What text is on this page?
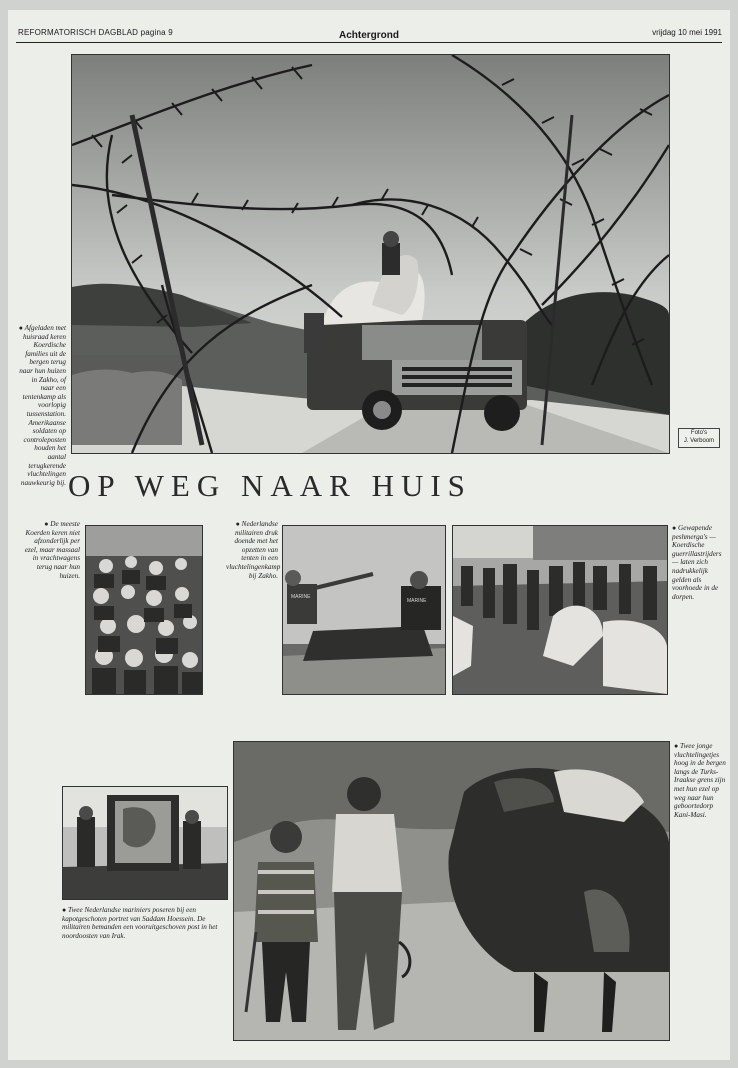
REFORMATORISCH DAGBLAD pagina 9	Achtergrond	vrijdag 10 mei 1991
● Afgeladen met huisraad keren Koerdische families uit de bergen terug naar hun huizen in Zakho, of naar een tentenkamp als voorlopig tussenstation. Amerikaanse soldaten op controleposten houden het aantal terugkerende vluchtelingen nauwkeurig bij.
Foto's
J. Verboom
OP WEG NAAR HUIS
● De meeste Koerden keren niet afzonderlijk per ezel, maar massaal in vrachtwagens terug naar hun huizen.
● Nederlandse militairen druk doende met het opzetten van tenten in een vluchtelingenkamp bij Zakho.
MARINE
MARINE
● Gewapende peshmerga's —Koerdische guerrillastrijders— laten zich nadrukkelijk gelden als voorhoede in de dorpen.
● Twee Nederlandse mariniers poseren bij een kapotgeschoten portret van Saddam Hoessein. De militairen bemanden een vooruitgeschoven post in het noordoosten van Irak.
● Twee jonge vluchtelingetjes hoog in de bergen langs de Turks-Iraakse grens zijn met hun ezel op weg naar hun geboortedorp Kani-Masi.
